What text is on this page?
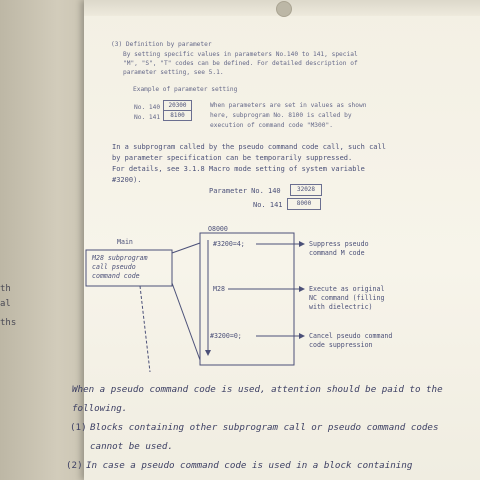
th
al
ths
(3) Definition by parameter
By setting specific values in parameters No.140 to 141, special
"M", "S", "T" codes can be defined. For detailed description of
parameter setting, see 5.1.
Example of parameter setting
No. 140	20300
No. 141	8100
When parameters are set in values as shown
here, subprogram No. 8100 is called by
execution of command code "M300".
In a subprogram called by the pseudo command code call, such call
by parameter specification can be temporarily suppressed.
For details, see 3.1.8 Macro mode setting of system variable
#3200).
Parameter No. 140	32028
No. 141	8000
Main
M28 subprogram
call pseudo
command code
O8000
#3200=4;
M28
#3200=0;
Suppress pseudo
command M code
Execute as original
NC command (filling
with dielectric)
Cancel pseudo command
code suppression
When a pseudo command code is used, attention should be paid to the
following.
(1) Blocks containing other subprogram call or pseudo command codes
cannot be used.
(2) In case a pseudo command code is used in a block containing
